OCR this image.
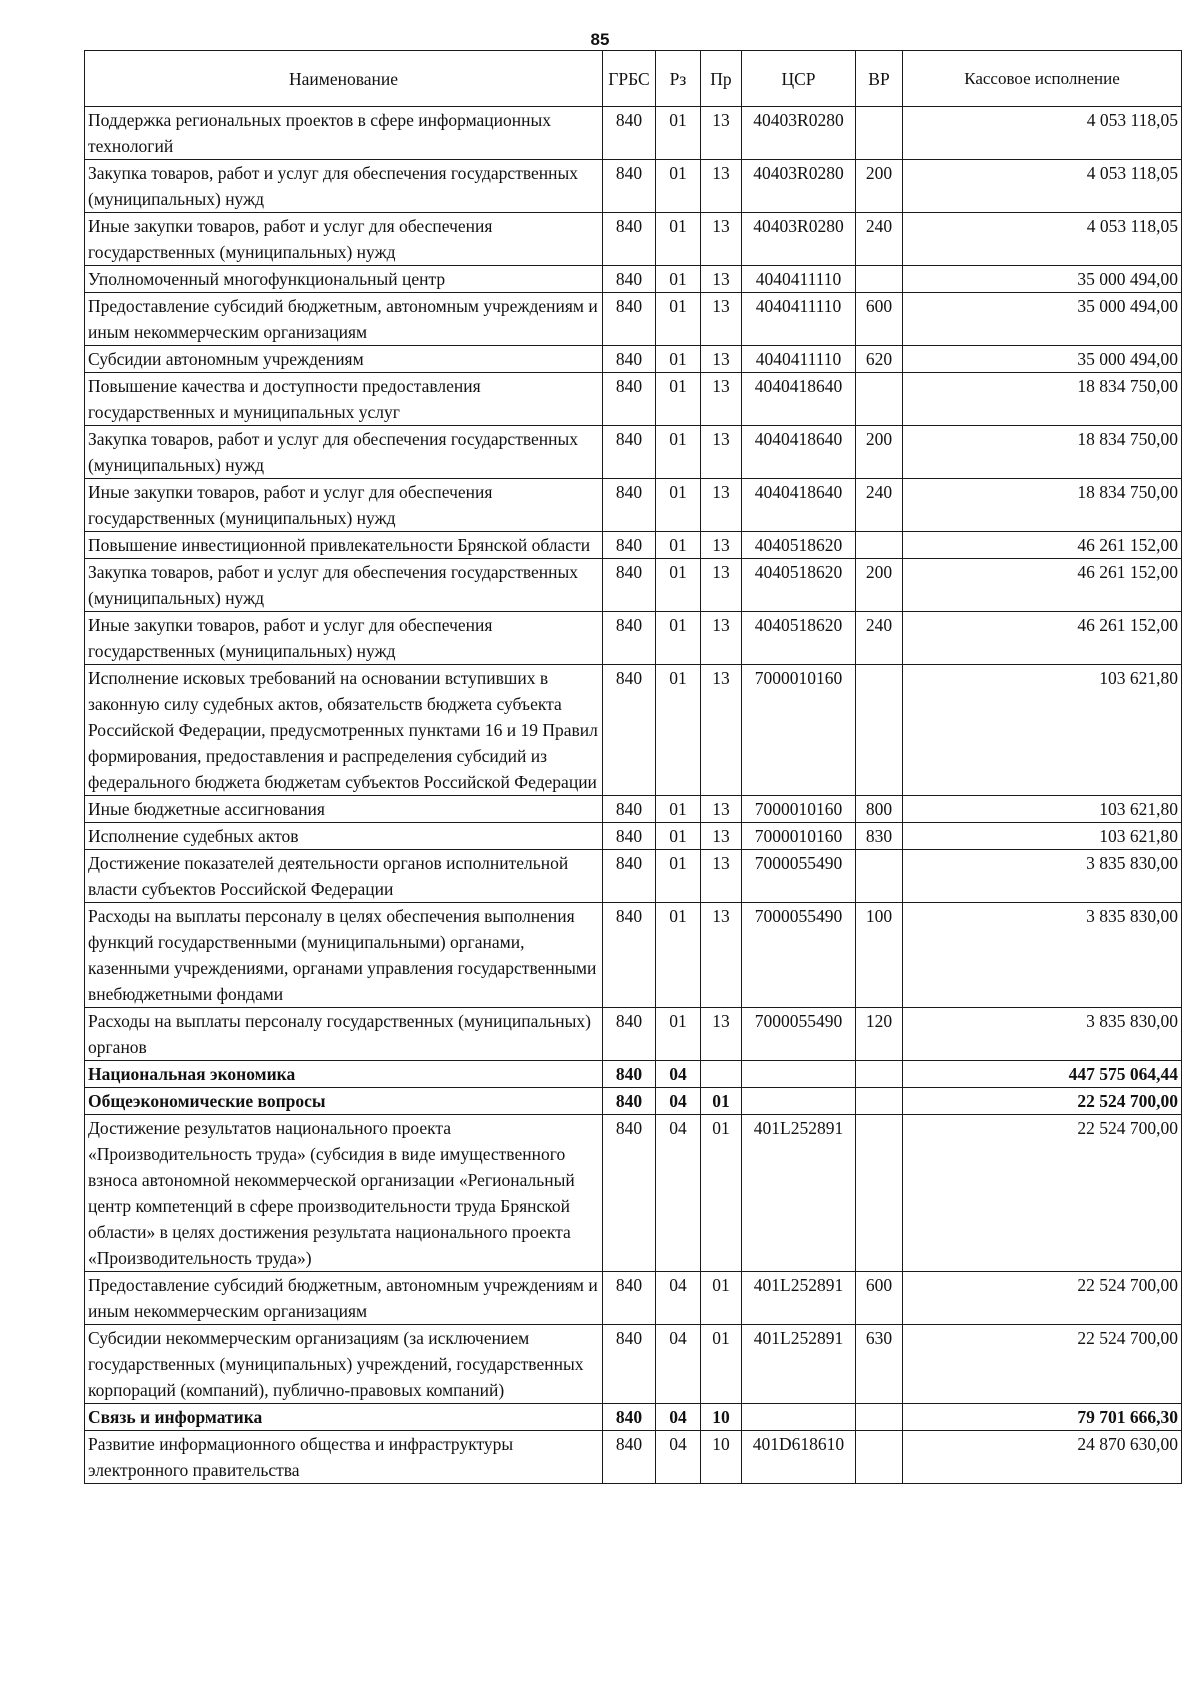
85
Наименование	ГРБС	Рз	Пр	ЦСР	ВР	Кассовое исполнение
Поддержка региональных проектов в сфере информационных технологий	840	01	13	40403R0280		4 053 118,05
Закупка товаров, работ и услуг для обеспечения государственных (муниципальных) нужд	840	01	13	40403R0280	200	4 053 118,05
Иные закупки товаров, работ и услуг для обеспечения государственных (муниципальных) нужд	840	01	13	40403R0280	240	4 053 118,05
Уполномоченный многофункциональный центр	840	01	13	4040411110		35 000 494,00
Предоставление субсидий бюджетным, автономным учреждениям и иным некоммерческим организациям	840	01	13	4040411110	600	35 000 494,00
Субсидии автономным учреждениям	840	01	13	4040411110	620	35 000 494,00
Повышение качества и доступности предоставления государственных и муниципальных услуг	840	01	13	4040418640		18 834 750,00
Закупка товаров, работ и услуг для обеспечения государственных (муниципальных) нужд	840	01	13	4040418640	200	18 834 750,00
Иные закупки товаров, работ и услуг для обеспечения государственных (муниципальных) нужд	840	01	13	4040418640	240	18 834 750,00
Повышение инвестиционной привлекательности Брянской области	840	01	13	4040518620		46 261 152,00
Закупка товаров, работ и услуг для обеспечения государственных (муниципальных) нужд	840	01	13	4040518620	200	46 261 152,00
Иные закупки товаров, работ и услуг для обеспечения государственных (муниципальных) нужд	840	01	13	4040518620	240	46 261 152,00
Исполнение исковых требований на основании вступивших в законную силу судебных актов, обязательств бюджета субъекта Российской Федерации, предусмотренных пунктами 16 и 19 Правил формирования, предоставления и распределения субсидий из федерального бюджета бюджетам субъектов Российской Федерации	840	01	13	7000010160		103 621,80
Иные бюджетные ассигнования	840	01	13	7000010160	800	103 621,80
Исполнение судебных актов	840	01	13	7000010160	830	103 621,80
Достижение показателей деятельности органов исполнительной власти субъектов Российской Федерации	840	01	13	7000055490		3 835 830,00
Расходы на выплаты персоналу в целях обеспечения выполнения функций государственными (муниципальными) органами, казенными учреждениями, органами управления государственными внебюджетными фондами	840	01	13	7000055490	100	3 835 830,00
Расходы на выплаты персоналу государственных (муниципальных) органов	840	01	13	7000055490	120	3 835 830,00
Национальная экономика	840	04				447 575 064,44
Общеэкономические вопросы	840	04	01			22 524 700,00
Достижение результатов национального проекта «Производительность труда» (субсидия в виде имущественного взноса автономной некоммерческой организации «Региональный центр компетенций в сфере производительности труда Брянской области» в целях достижения результата национального проекта «Производительность труда»)	840	04	01	401L252891		22 524 700,00
Предоставление субсидий бюджетным, автономным учреждениям и иным некоммерческим организациям	840	04	01	401L252891	600	22 524 700,00
Субсидии некоммерческим организациям (за исключением государственных (муниципальных) учреждений, государственных корпораций (компаний), публично-правовых компаний)	840	04	01	401L252891	630	22 524 700,00
Связь и информатика	840	04	10			79 701 666,30
Развитие информационного общества и инфраструктуры электронного правительства	840	04	10	401D618610		24 870 630,00
